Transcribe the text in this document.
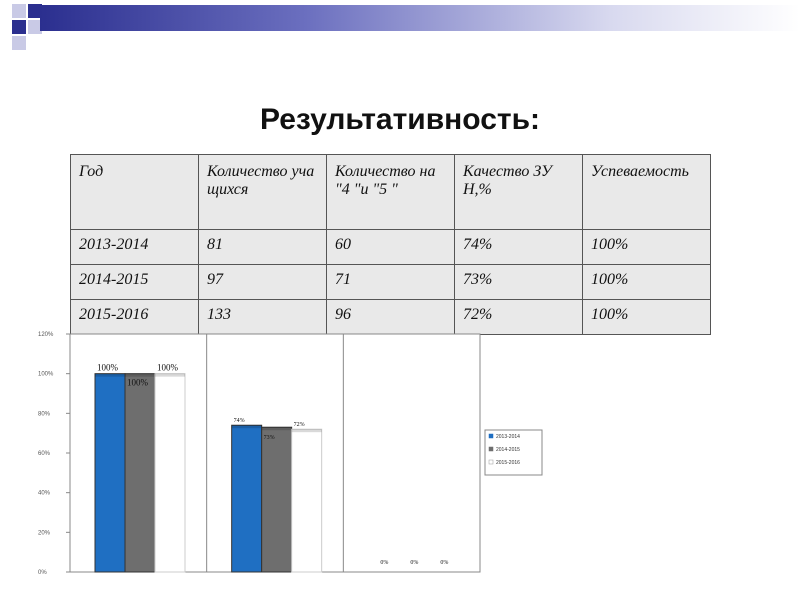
Результативность:
Год	Количество учащихся	Количество на "4 "и "5 "	Качество ЗУН,%	Успеваемость
2013-2014	81	60	74%	100%
2014-2015	97	71	73%	100%
2015-2016	133	96	72%	100%
0%
20%
40%
60%
80%
100%
120%
100%
100%
100%
74%
73%
72%
0%	0%	0%
2013-2014
2014-2015
2015-2016
